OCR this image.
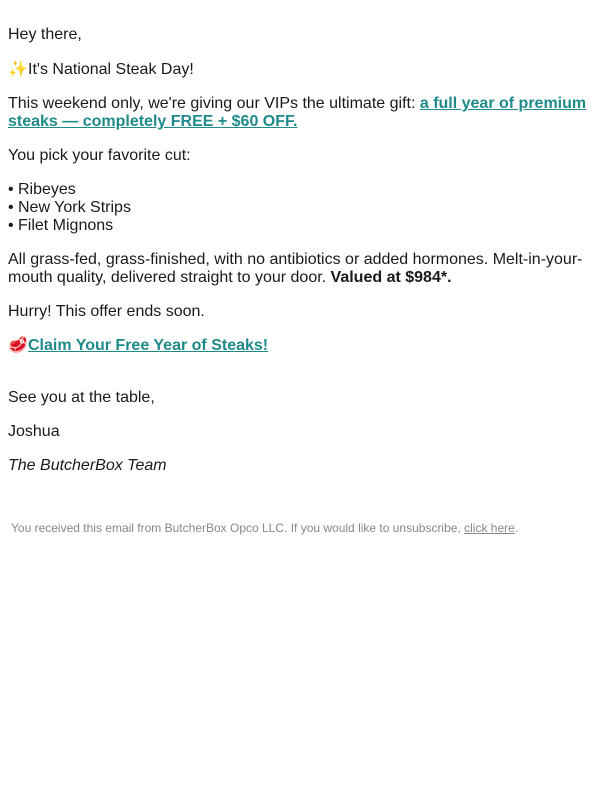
Hey there,

✨It's National Steak Day!

This weekend only, we're giving our VIPs the ultimate gift: a full year of premium steaks — completely FREE + $60 OFF.

You pick your favorite cut:

• Ribeyes
• New York Strips
• Filet Mignons

All grass-fed, grass-finished, with no antibiotics or added hormones. Melt-in-your-mouth quality, delivered straight to your door. Valued at $984*.

Hurry! This offer ends soon.

🥩Claim Your Free Year of Steaks!

See you at the table,

Joshua

The ButcherBox Team

You received this email from ButcherBox Opco LLC. If you would like to unsubscribe, click here.
